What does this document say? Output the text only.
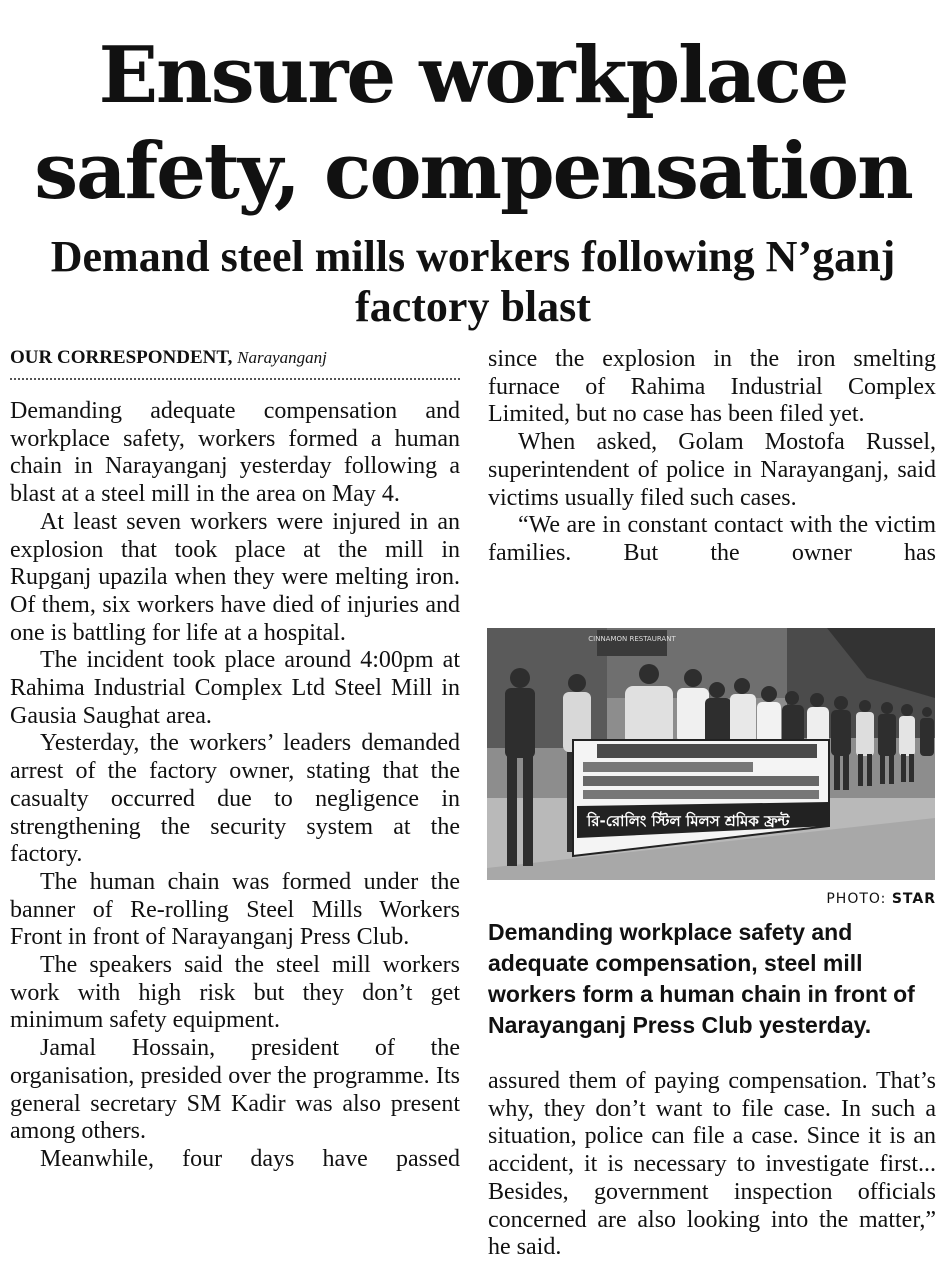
Ensure workplace safety, compensation
Demand steel mills workers following N’ganj factory blast
OUR CORRESPONDENT, Narayanganj

Demanding adequate compensation and workplace safety, workers formed a human chain in Narayanganj yesterday following a blast at a steel mill in the area on May 4.

At least seven workers were injured in an explosion that took place at the mill in Rupganj upazila when they were melting iron. Of them, six workers have died of injuries and one is battling for life at a hospital.

The incident took place around 4:00pm at Rahima Industrial Complex Ltd Steel Mill in Gausia Saughat area.

Yesterday, the workers’ leaders demanded arrest of the factory owner, stating that the casualty occurred due to negligence in strengthening the security system at the factory.

The human chain was formed under the banner of Re-rolling Steel Mills Workers Front in front of Narayanganj Press Club.

The speakers said the steel mill workers work with high risk but they don’t get minimum safety equipment.

Jamal Hossain, president of the organisation, presided over the programme. Its general secretary SM Kadir was also present among others.

Meanwhile, four days have passed

since the explosion in the iron smelting furnace of Rahima Industrial Complex Limited, but no case has been filed yet.

When asked, Golam Mostofa Russel, superintendent of police in Narayanganj, said victims usually filed such cases.

“We are in constant contact with the victim families. But the owner has

CINNAMON RESTAURANT
রি-রোলিং স্টিল মিলস শ্রমিক ফ্রন্ট
PHOTO: STAR

Demanding workplace safety and adequate compensation, steel mill workers form a human chain in front of Narayanganj Press Club yesterday.

assured them of paying compensation. That’s why, they don’t want to file case. In such a situation, police can file a case. Since it is an accident, it is necessary to investigate first... Besides, government inspection officials concerned are also looking into the matter,” he said.
